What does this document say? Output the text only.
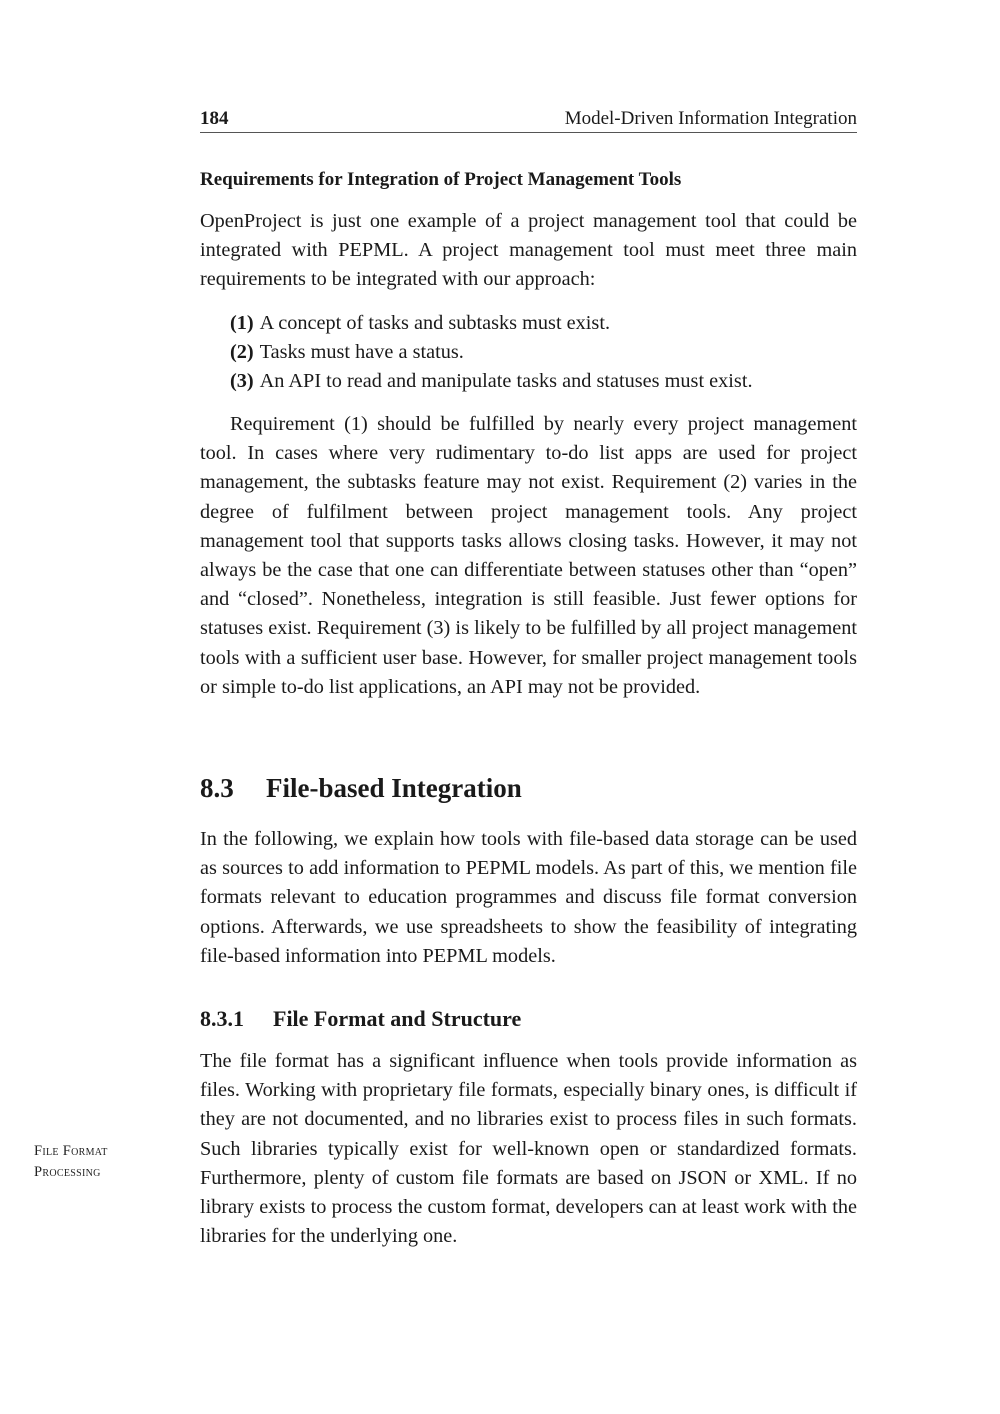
184	Model-Driven Information Integration
Requirements for Integration of Project Management Tools

OpenProject is just one example of a project management tool that could be integrated with PEPML. A project management tool must meet three main requirements to be integrated with our approach:

(1) A concept of tasks and subtasks must exist.
(2) Tasks must have a status.
(3) An API to read and manipulate tasks and statuses must exist.

Requirement (1) should be fulfilled by nearly every project management tool. In cases where very rudimentary to-do list apps are used for project management, the subtasks feature may not exist. Requirement (2) varies in the degree of fulfilment between project management tools. Any project management tool that supports tasks allows closing tasks. However, it may not always be the case that one can differentiate between statuses other than “open” and “closed”. Nonetheless, integration is still feasible. Just fewer options for statuses exist. Requirement (3) is likely to be fulfilled by all project management tools with a sufficient user base. However, for smaller project management tools or simple to-do list applications, an API may not be provided.

8.3 File-based Integration

In the following, we explain how tools with file-based data storage can be used as sources to add information to PEPML models. As part of this, we mention file formats relevant to education programmes and discuss file format conversion options. Afterwards, we use spreadsheets to show the feasibility of integrating file-based information into PEPML models.

8.3.1 File Format and Structure

The file format has a significant influence when tools provide information as files. Working with proprietary file formats, especially binary ones, is difficult if they are not documented, and no libraries exist to process files in such formats. Such libraries typically exist for well-known open or standardized formats. Furthermore, plenty of custom file formats are based on JSON or XML. If no library exists to process the custom format, developers can at least work with the libraries for the underlying one.

File Format
Processing
